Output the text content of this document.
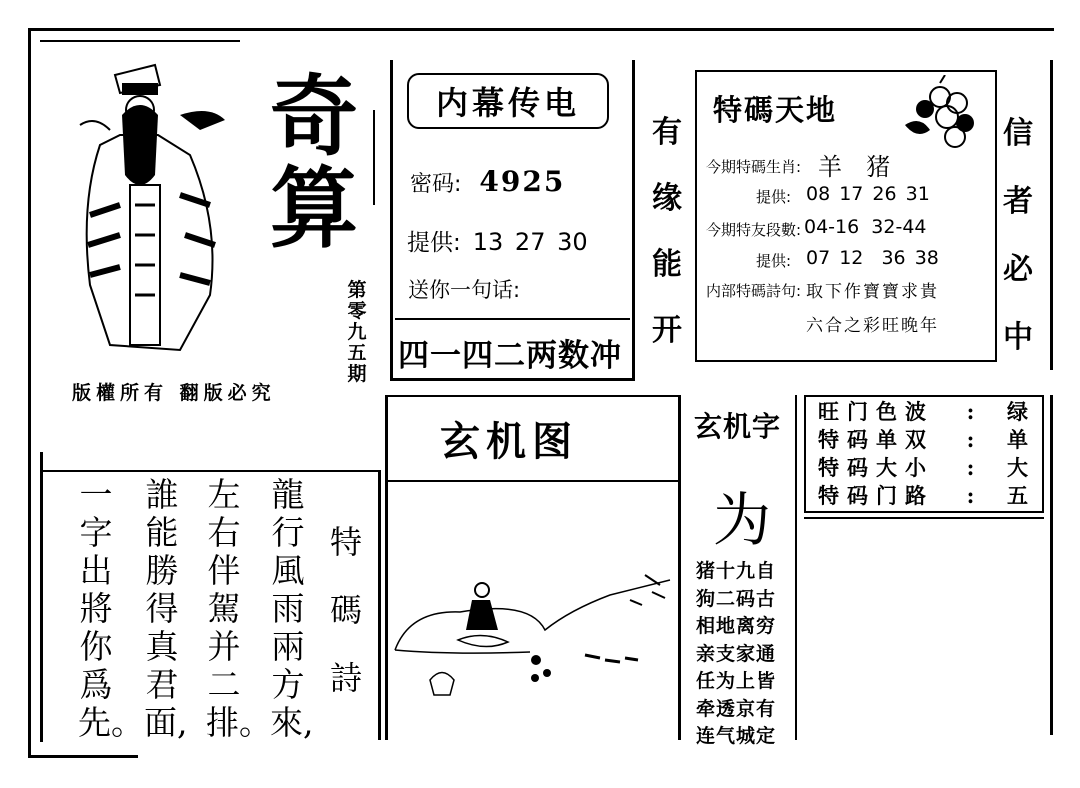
奇
算
第零九五期
版權所有 翻版必究
内幕传电
密码: 4925
提供: 13 27 30
送你一句话:
四一四二两数冲
有缘能开
特碼天地
今期特碼生肖: 羊  猪
提供: 08 17 26 31
今期特友段數: 04-16  32-44
提供: 07 12  36 38
内部特碼詩句: 取下作寶寶求貴
六合之彩旺晚年
信者必中
玄机图	玄机字
为
猪十九自
狗二码古
相地离穷
亲支家通
任为上皆
牵透京有
连气城定
旺门色波 : 绿
特码单双 : 单
特码大小 : 大
特码门路 : 五
特碼詩
龍行風雨兩方來,
左右伴駕并二排。
誰能勝得真君面,
一字出將你爲先。
